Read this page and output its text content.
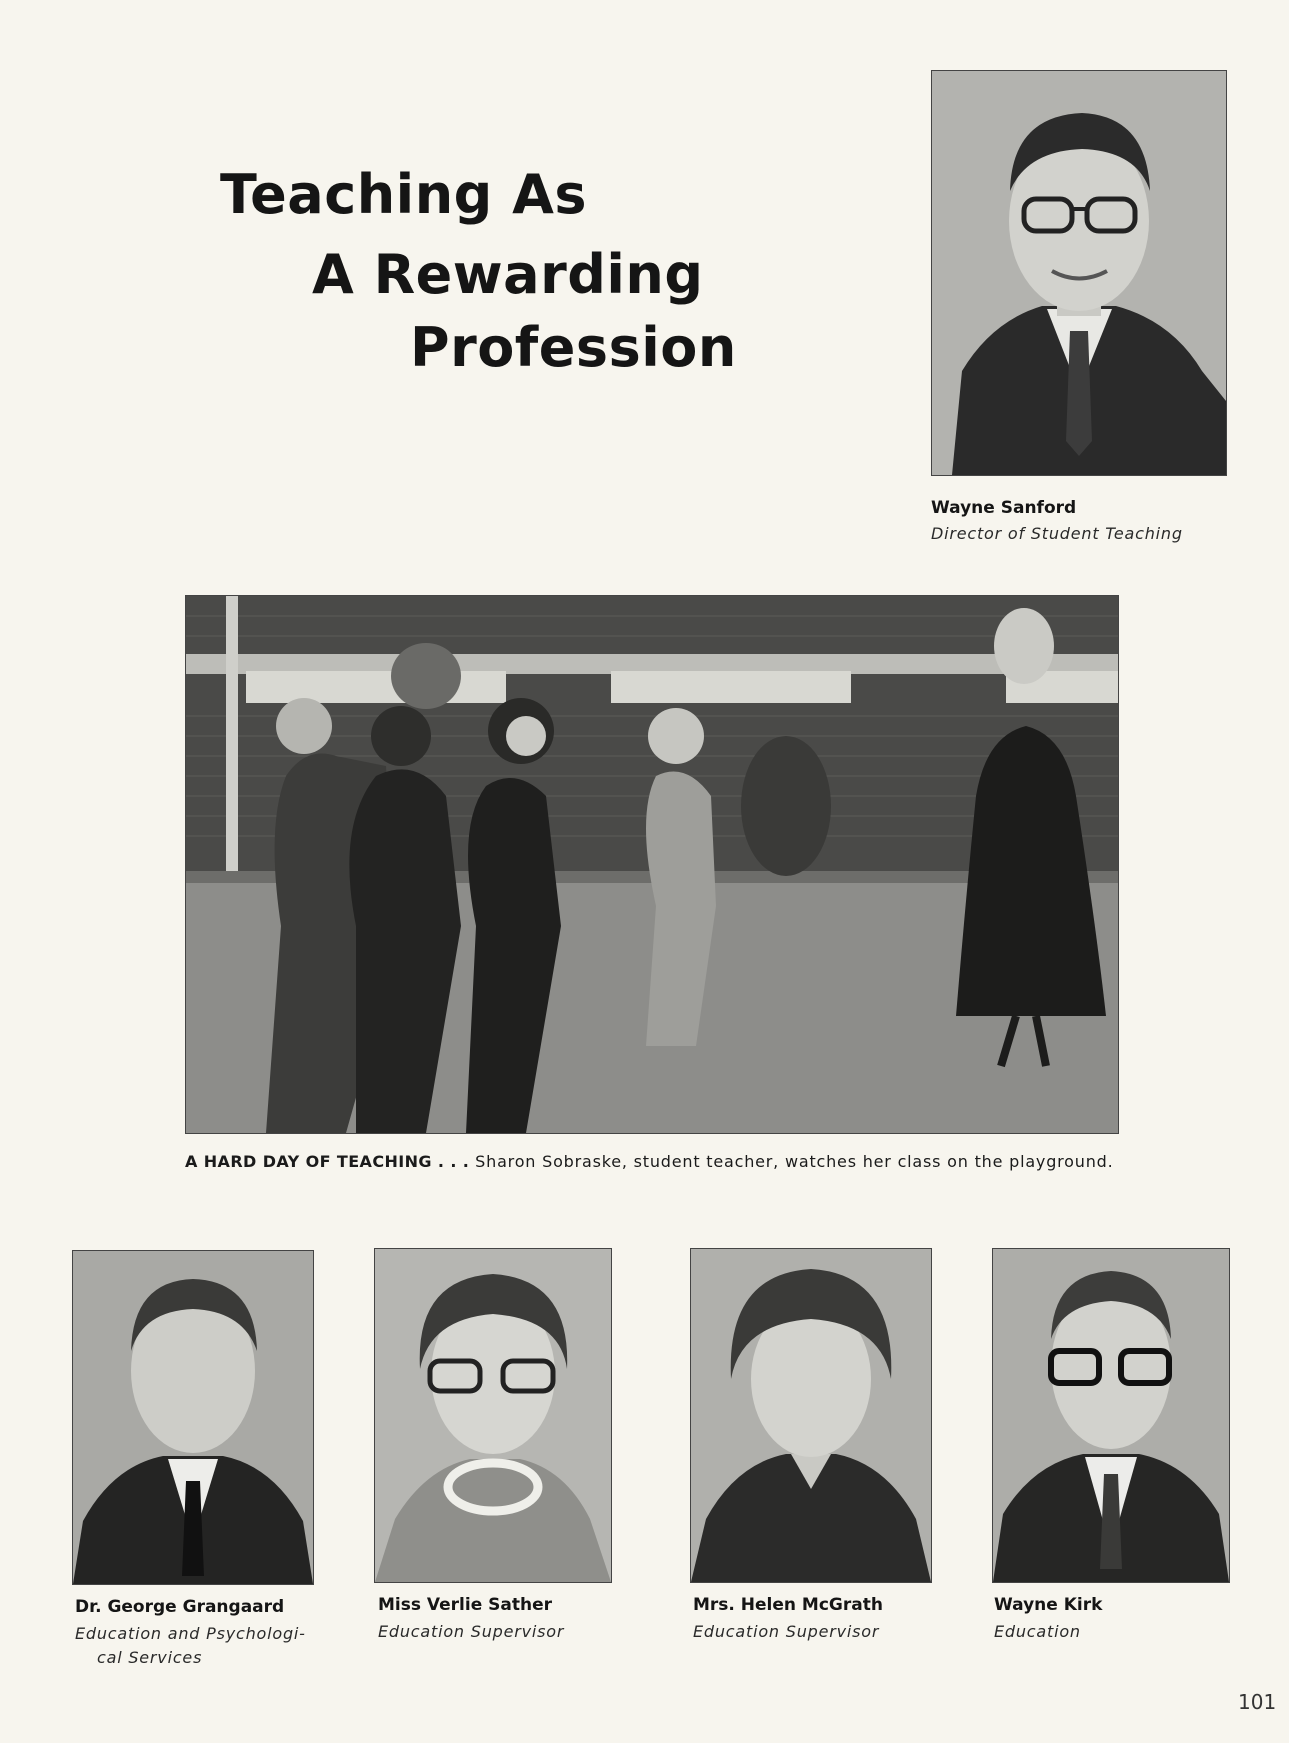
Teaching As
A Rewarding
Profession
Wayne Sanford
Director of Student Teaching
A HARD DAY OF TEACHING . . . Sharon Sobraske, student teacher, watches her class on the playground.
Dr. George Grangaard
Education and Psychologi-
cal Services
Miss Verlie Sather
Education Supervisor
Mrs. Helen McGrath
Education Supervisor
Wayne Kirk
Education
101
